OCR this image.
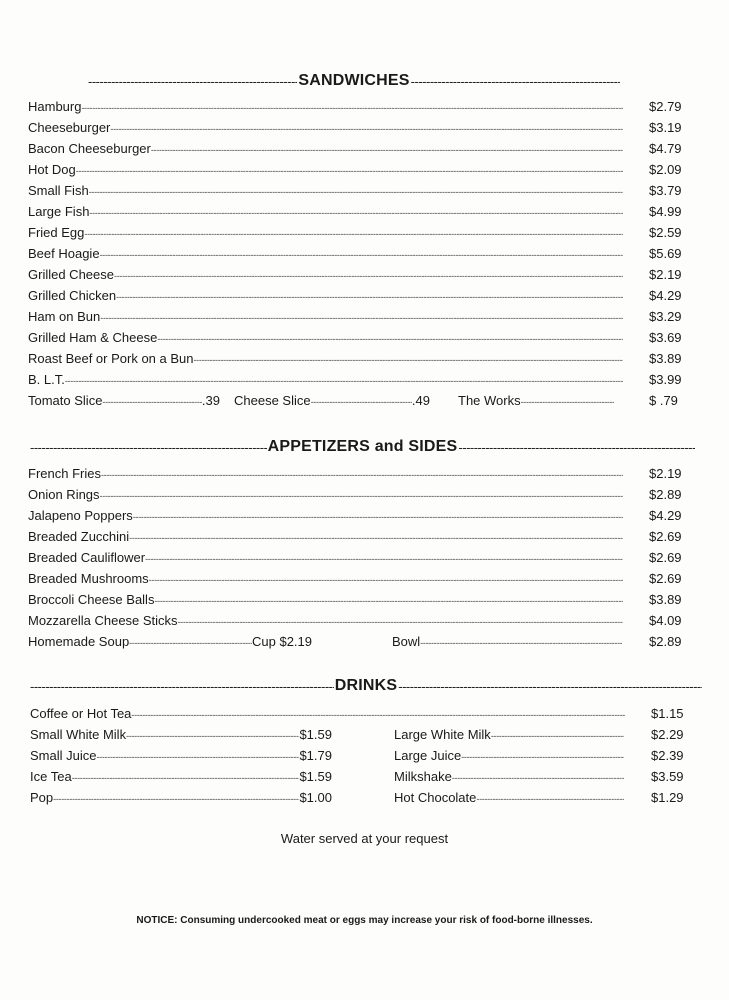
-----
SANDWICHES
-----
Hamburg -----	$2.79
Cheeseburger -----	$3.19
Bacon Cheeseburger -----	$4.79
Hot Dog -----	$2.09
Small Fish -----	$3.79
Large Fish -----	$4.99
Fried Egg -----	$2.59
Beef Hoagie -----	$5.69
Grilled Cheese -----	$2.19
Grilled Chicken -----	$4.29
Ham on Bun -----	$3.29
Grilled Ham & Cheese -----	$3.69
Roast Beef or Pork on a Bun -----	$3.89
B. L.T. -----	$3.99
Tomato Slice -----	.39 Cheese Slice -----	.49 The Works -----	$ .79
-----
APPETIZERS and SIDES
-----
French Fries -----	$2.19
Onion Rings -----	$2.89
Jalapeno Poppers -----	$4.29
Breaded Zucchini -----	$2.69
Breaded Cauliflower -----	$2.69
Breaded Mushrooms -----	$2.69
Broccoli Cheese Balls -----	$3.89
Mozzarella Cheese Sticks -----	$4.09
Homemade Soup -----	Cup $2.19	Bowl -----	$2.89
-----
DRINKS
-----
Coffee or Hot Tea -----	$1.15
Small White Milk -----	$1.59	Large White Milk -----	$2.29
Small Juice -----	$1.79	Large Juice -----	$2.39
Ice Tea -----	$1.59	Milkshake -----	$3.59
Pop -----	$1.00	Hot Chocolate -----	$1.29
Water served at your request
NOTICE: Consuming undercooked meat or eggs may increase your risk of food-borne illnesses.
